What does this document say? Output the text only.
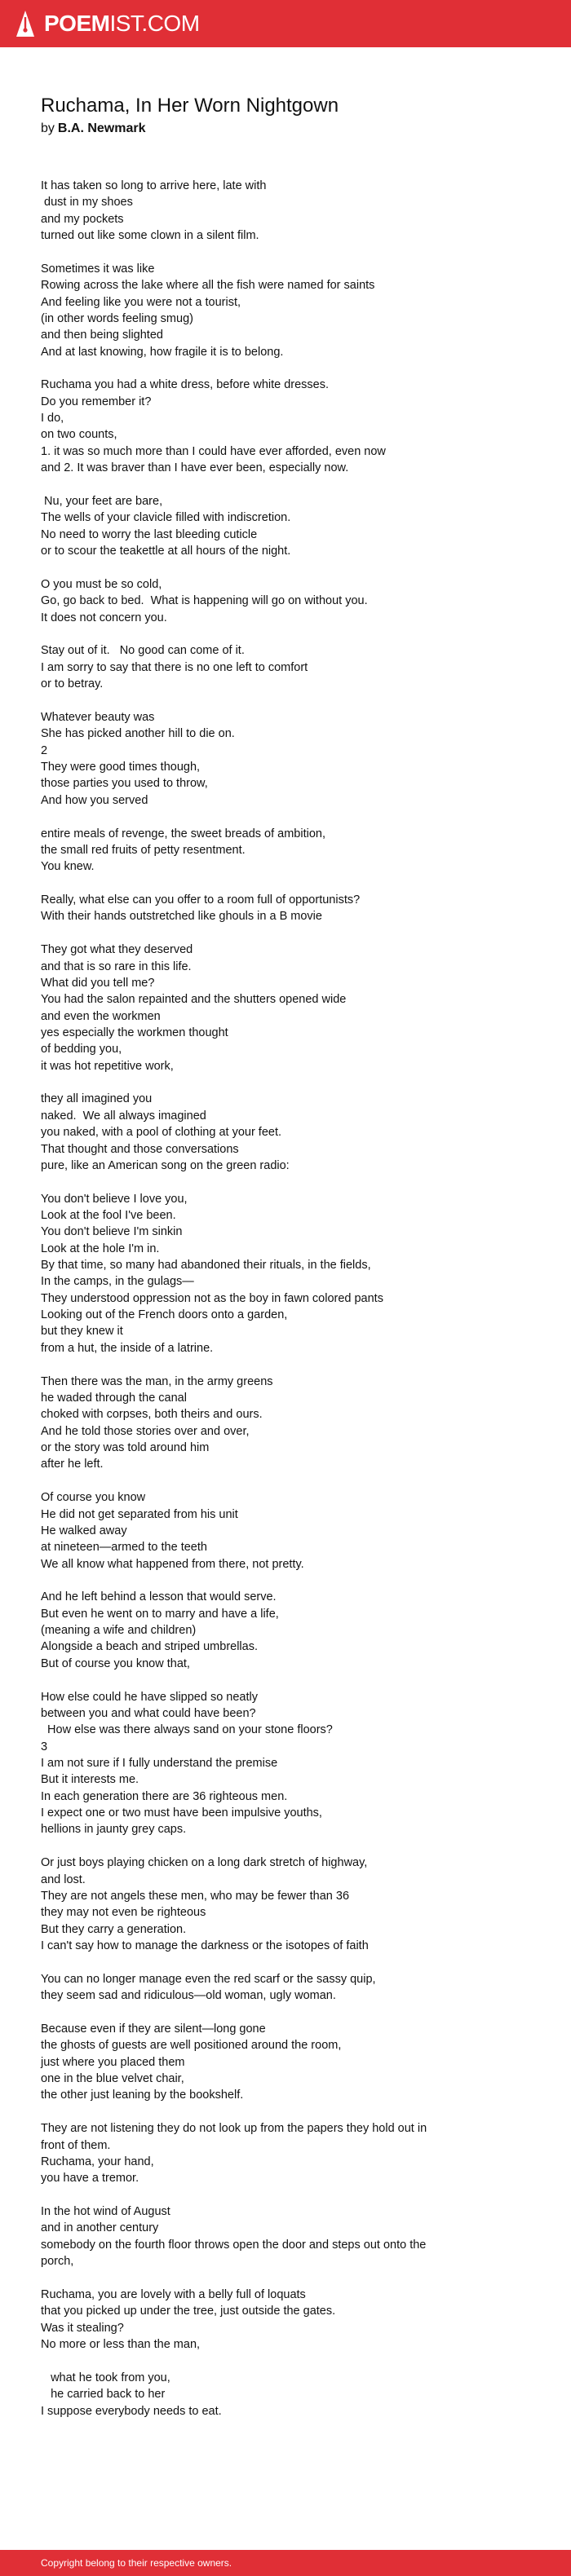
POEMIST.COM
Ruchama, In Her Worn Nightgown
by B.A. Newmark
It has taken so long to arrive here, late with
dust in my shoes
and my pockets
turned out like some clown in a silent film.
Sometimes it was like
Rowing across the lake where all the fish were named for saints
And feeling like you were not a tourist,
(in other words feeling smug)
and then being slighted
And at last knowing, how fragile it is to belong.
Ruchama you had a white dress, before white dresses.
Do you remember it?
I do,
on two counts,
1. it was so much more than I could have ever afforded, even now
and 2. It was braver than I have ever been, especially now.
Nu, your feet are bare,
The wells of your clavicle filled with indiscretion.
No need to worry the last bleeding cuticle
or to scour the teakettle at all hours of the night.
O you must be so cold,
Go, go back to bed.  What is happening will go on without you.
It does not concern you.
Stay out of it.   No good can come of it.
I am sorry to say that there is no one left to comfort
or to betray.
Whatever beauty was
She has picked another hill to die on.
2
They were good times though,
those parties you used to throw,
And how you served
entire meals of revenge, the sweet breads of ambition,
the small red fruits of petty resentment.
You knew.
Really, what else can you offer to a room full of opportunists?
With their hands outstretched like ghouls in a B movie
They got what they deserved
and that is so rare in this life.
What did you tell me?
You had the salon repainted and the shutters opened wide
and even the workmen
yes especially the workmen thought
of bedding you,
it was hot repetitive work,
they all imagined you
naked.  We all always imagined
you naked, with a pool of clothing at your feet.
That thought and those conversations
pure, like an American song on the green radio:
You don't believe I love you,
Look at the fool I've been.
You don't believe I'm sinkin
Look at the hole I'm in.
By that time, so many had abandoned their rituals, in the fields,
In the camps, in the gulags—
They understood oppression not as the boy in fawn colored pants
Looking out of the French doors onto a garden,
but they knew it
from a hut, the inside of a latrine.
Then there was the man, in the army greens
he waded through the canal
choked with corpses, both theirs and ours.
And he told those stories over and over,
or the story was told around him
after he left.
Of course you know
He did not get separated from his unit
He walked away
at nineteen—armed to the teeth
We all know what happened from there, not pretty.
And he left behind a lesson that would serve.
But even he went on to marry and have a life,
(meaning a wife and children)
Alongside a beach and striped umbrellas.
But of course you know that,
How else could he have slipped so neatly
between you and what could have been?
How else was there always sand on your stone floors?
3
I am not sure if I fully understand the premise
But it interests me.
In each generation there are 36 righteous men.
I expect one or two must have been impulsive youths,
hellions in jaunty grey caps.
Or just boys playing chicken on a long dark stretch of highway,
and lost.
They are not angels these men, who may be fewer than 36
they may not even be righteous
But they carry a generation.
I can't say how to manage the darkness or the isotopes of faith
You can no longer manage even the red scarf or the sassy quip,
they seem sad and ridiculous—old woman, ugly woman.
Because even if they are silent—long gone
the ghosts of guests are well positioned around the room,
just where you placed them
one in the blue velvet chair,
the other just leaning by the bookshelf.
They are not listening they do not look up from the papers they hold out in
front of them.
Ruchama, your hand,
you have a tremor.
In the hot wind of August
and in another century
somebody on the fourth floor throws open the door and steps out onto the
porch,
Ruchama, you are lovely with a belly full of loquats
that you picked up under the tree, just outside the gates.
Was it stealing?
No more or less than the man,
what he took from you,
he carried back to her
I suppose everybody needs to eat.
Copyright belong to their respective owners.
